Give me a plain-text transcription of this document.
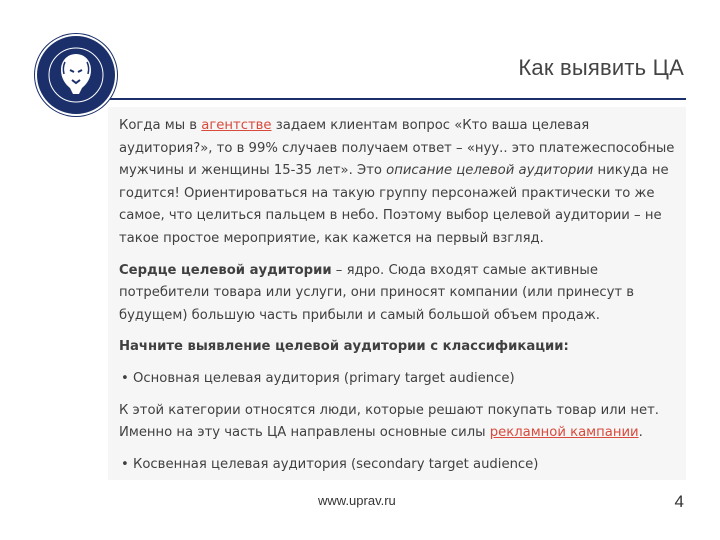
Как выявить ЦА

Когда мы в агентстве задаем клиентам вопрос «Кто ваша целевая аудитория?», то в 99% случаев получаем ответ – «нуу.. это платежеспособные мужчины и женщины 15-35 лет». Это описание целевой аудитории никуда не годится! Ориентироваться на такую группу персонажей практически то же самое, что целиться пальцем в небо. Поэтому выбор целевой аудитории – не такое простое мероприятие, как кажется на первый взгляд.

Сердце целевой аудитории – ядро. Сюда входят самые активные потребители товара или услуги, они приносят компании (или принесут в будущем) большую часть прибыли и самый большой объем продаж.

Начните выявление целевой аудитории с классификации:

• Основная целевая аудитория (primary target audience)

К этой категории относятся люди, которые решают покупать товар или нет. Именно на эту часть ЦА направлены основные силы рекламной кампании.

• Косвенная целевая аудитория (secondary target audience)
www.uprav.ru	4
